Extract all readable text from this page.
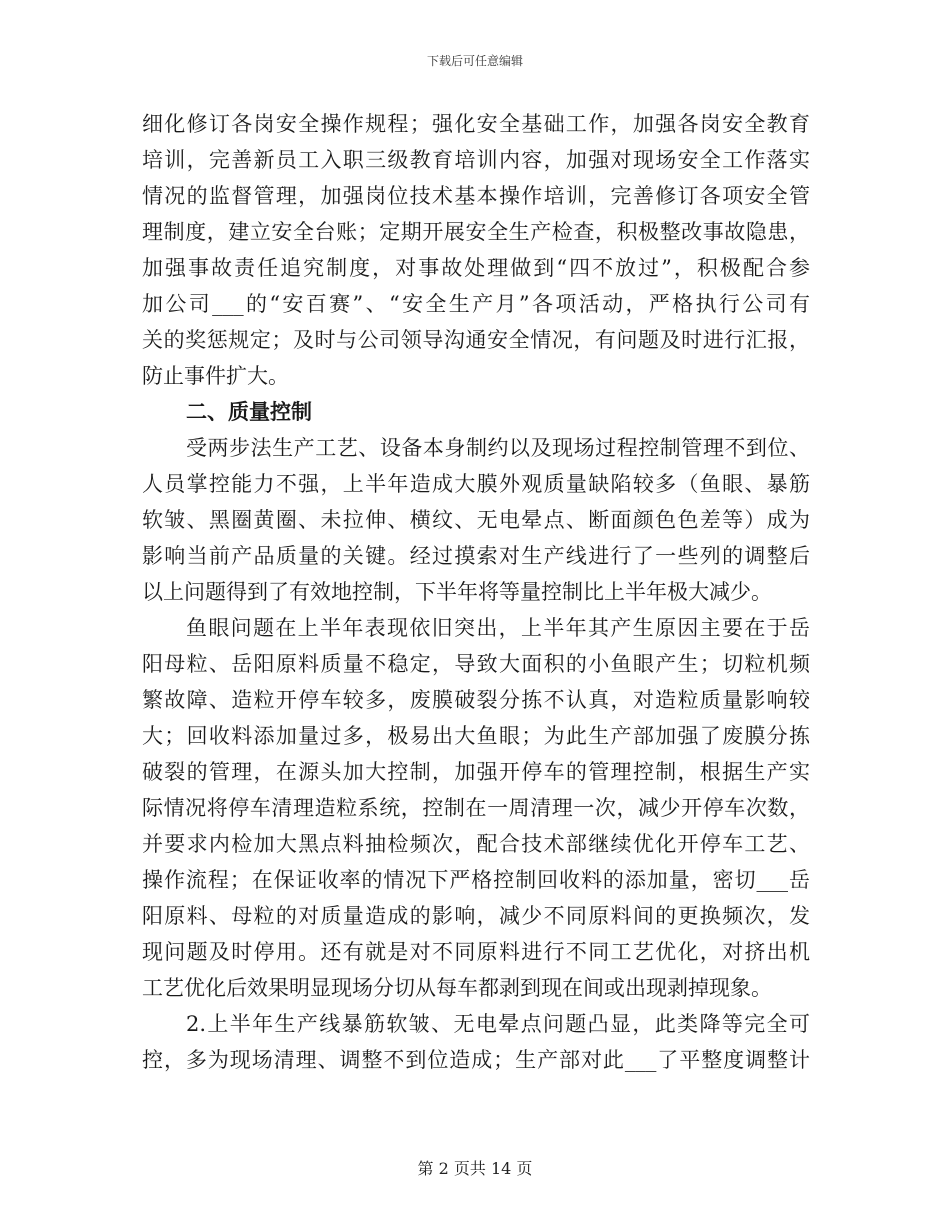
下载后可任意编辑
细化修订各岗安全操作规程；强化安全基础工作，加强各岗安全教育
培训，完善新员工入职三级教育培训内容，加强对现场安全工作落实
情况的监督管理，加强岗位技术基本操作培训，完善修订各项安全管
理制度，建立安全台账；定期开展安全生产检查，积极整改事故隐患，
加强事故责任追究制度，对事故处理做到“四不放过”，积极配合参
加公司___的“安百赛”、“安全生产月”各项活动，严格执行公司有
关的奖惩规定；及时与公司领导沟通安全情况，有问题及时进行汇报，
防止事件扩大。
二、质量控制
受两步法生产工艺、设备本身制约以及现场过程控制管理不到位、
人员掌控能力不强，上半年造成大膜外观质量缺陷较多（鱼眼、暴筋
软皱、黑圈黄圈、未拉伸、横纹、无电晕点、断面颜色色差等）成为
影响当前产品质量的关键。经过摸索对生产线进行了一些列的调整后
以上问题得到了有效地控制，下半年将等量控制比上半年极大减少。
鱼眼问题在上半年表现依旧突出，上半年其产生原因主要在于岳
阳母粒、岳阳原料质量不稳定，导致大面积的小鱼眼产生；切粒机频
繁故障、造粒开停车较多，废膜破裂分拣不认真，对造粒质量影响较
大；回收料添加量过多，极易出大鱼眼；为此生产部加强了废膜分拣
破裂的管理，在源头加大控制，加强开停车的管理控制，根据生产实
际情况将停车清理造粒系统，控制在一周清理一次，减少开停车次数，
并要求内检加大黑点料抽检频次，配合技术部继续优化开停车工艺、
操作流程；在保证收率的情况下严格控制回收料的添加量，密切___岳
阳原料、母粒的对质量造成的影响，减少不同原料间的更换频次，发
现问题及时停用。还有就是对不同原料进行不同工艺优化，对挤出机
工艺优化后效果明显现场分切从每车都剥到现在间或出现剥掉现象。
2.上半年生产线暴筋软皱、无电晕点问题凸显，此类降等完全可
控，多为现场清理、调整不到位造成；生产部对此___了平整度调整计
第 2 页共 14 页
